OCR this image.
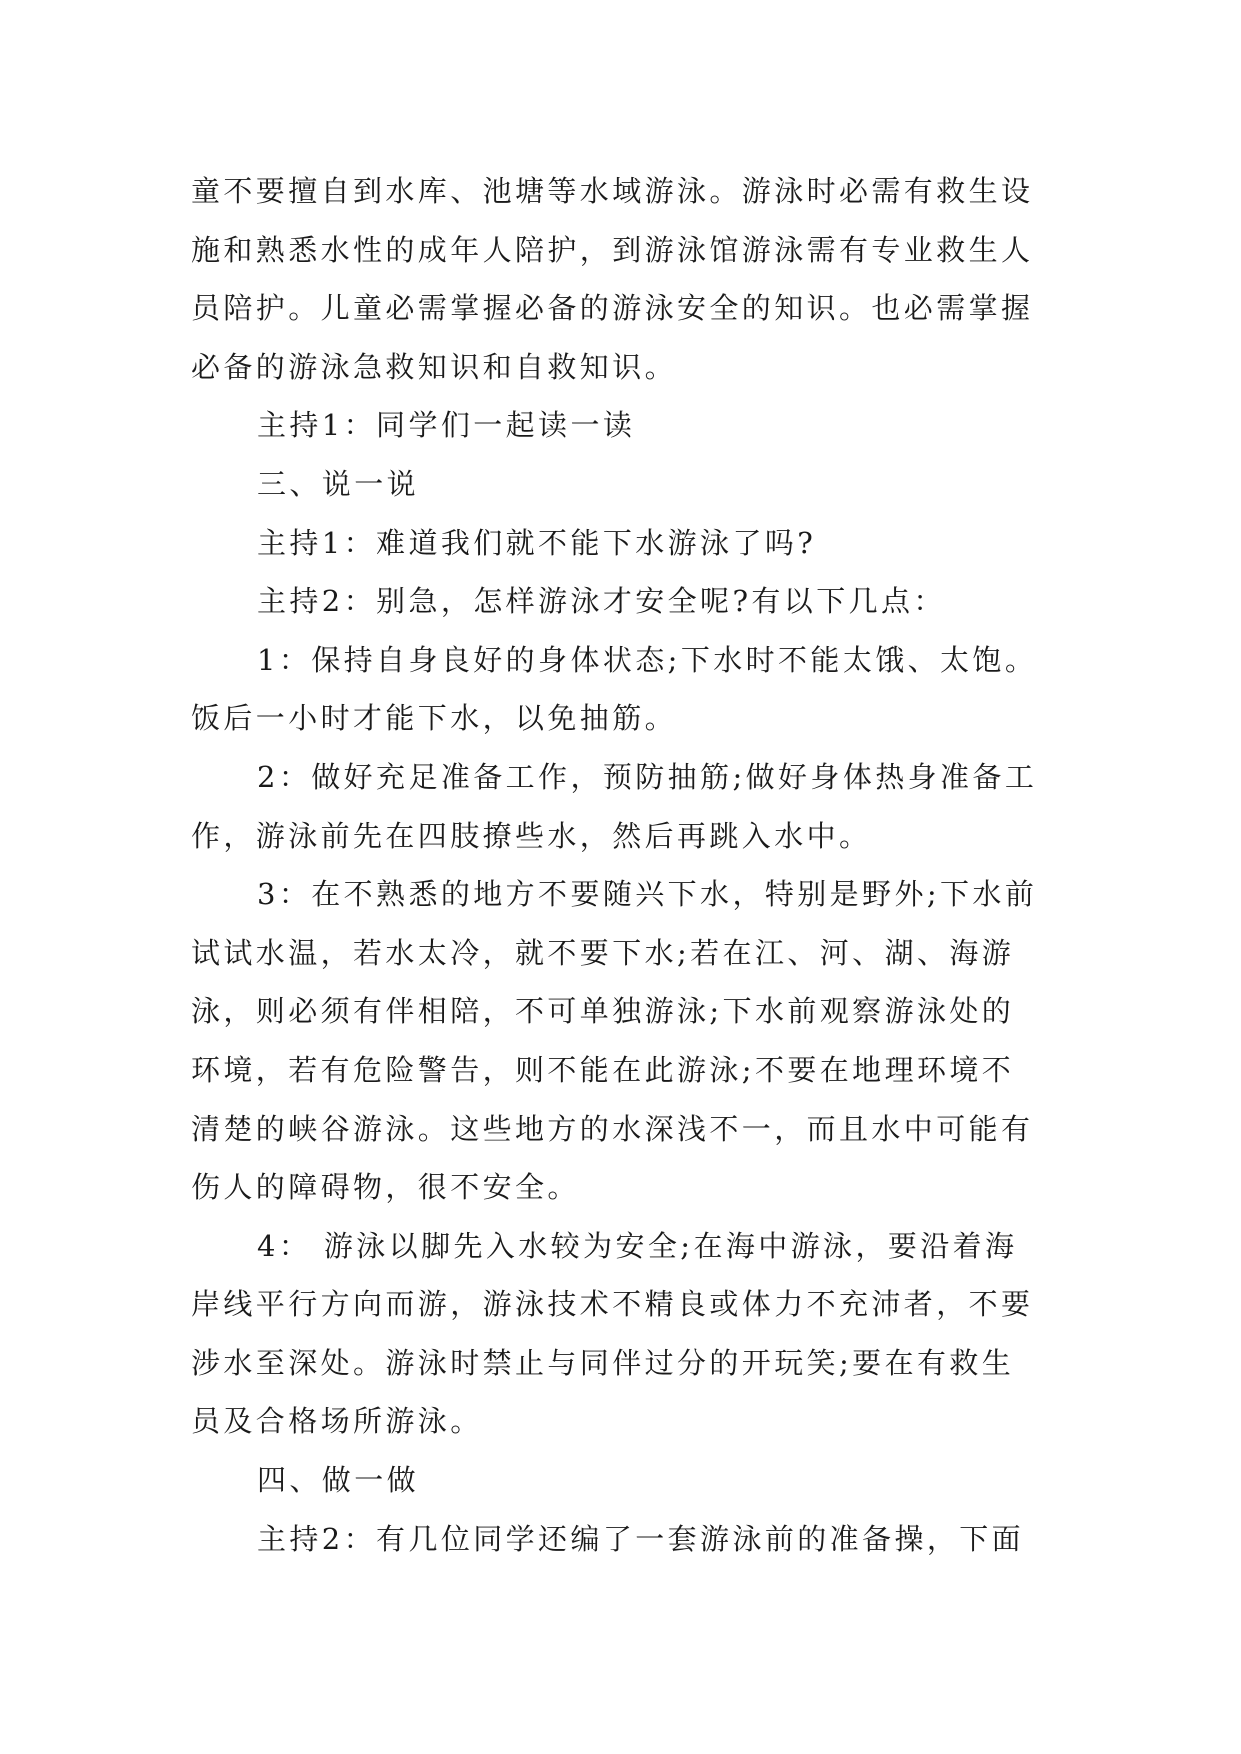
童不要擅自到水库、池塘等水域游泳。游泳时必需有救生设
施和熟悉水性的成年人陪护，到游泳馆游泳需有专业救生人
员陪护。儿童必需掌握必备的游泳安全的知识。也必需掌握
必备的游泳急救知识和自救知识。
主持1：同学们一起读一读
三、说一说
主持1：难道我们就不能下水游泳了吗?
主持2：别急，怎样游泳才安全呢?有以下几点：
1：保持自身良好的身体状态;下水时不能太饿、太饱。
饭后一小时才能下水，以免抽筋。
2：做好充足准备工作，预防抽筋;做好身体热身准备工
作，游泳前先在四肢撩些水，然后再跳入水中。
3：在不熟悉的地方不要随兴下水，特别是野外;下水前
试试水温，若水太冷，就不要下水;若在江、河、湖、海游
泳，则必须有伴相陪，不可单独游泳;下水前观察游泳处的
环境，若有危险警告，则不能在此游泳;不要在地理环境不
清楚的峡谷游泳。这些地方的水深浅不一，而且水中可能有
伤人的障碍物，很不安全。
4： 游泳以脚先入水较为安全;在海中游泳，要沿着海
岸线平行方向而游，游泳技术不精良或体力不充沛者，不要
涉水至深处。游泳时禁止与同伴过分的开玩笑;要在有救生
员及合格场所游泳。
四、做一做
主持2：有几位同学还编了一套游泳前的准备操，下面
